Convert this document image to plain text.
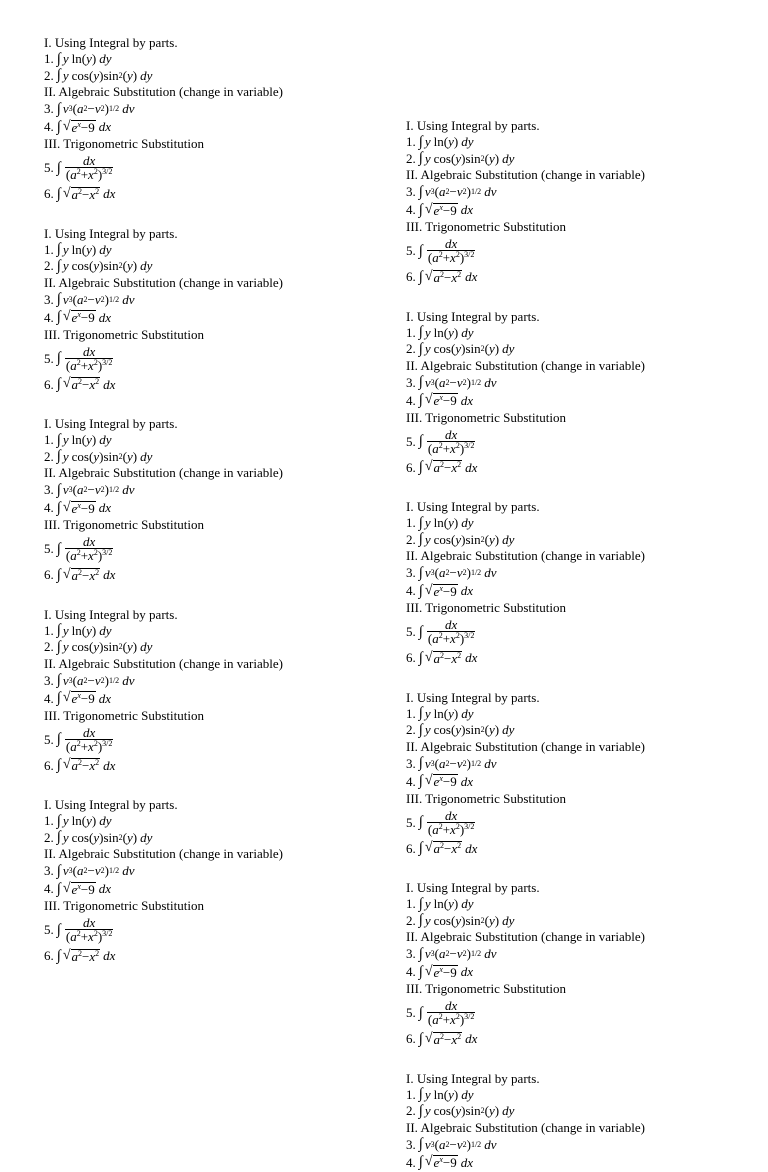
I. Using Integral by parts.
1. ∫ y ln ( y ) dy
2. ∫ y cos ( y ) sin 2 ( y ) dy
II. Algebraic Substitution (change in variable)
3. ∫ v 3 ( a 2 − v 2 ) 1/2 dv
4. ∫ √ $e^x-9$ dx
III. Trigonometric Substitution
5. ∫ $\frac{dx}{(a^2+x^2)^{3/2}}$
6. ∫ √ $a^2-x^2$ dx
I. Using Integral by parts.
1. ∫ y ln ( y ) dy
2. ∫ y cos ( y ) sin 2 ( y ) dy
II. Algebraic Substitution (change in variable)
3. ∫ v 3 ( a 2 − v 2 ) 1/2 dv
4. ∫ √ $e^x-9$ dx
III. Trigonometric Substitution
5. ∫ $\frac{dx}{(a^2+x^2)^{3/2}}$
6. ∫ √ $a^2-x^2$ dx
I. Using Integral by parts.
1. ∫ y ln ( y ) dy
2. ∫ y cos ( y ) sin 2 ( y ) dy
II. Algebraic Substitution (change in variable)
3. ∫ v 3 ( a 2 − v 2 ) 1/2 dv
4. ∫ √ $e^x-9$ dx
III. Trigonometric Substitution
5. ∫ $\frac{dx}{(a^2+x^2)^{3/2}}$
6. ∫ √ $a^2-x^2$ dx
I. Using Integral by parts.
1. ∫ y ln ( y ) dy
2. ∫ y cos ( y ) sin 2 ( y ) dy
II. Algebraic Substitution (change in variable)
3. ∫ v 3 ( a 2 − v 2 ) 1/2 dv
4. ∫ √ $e^x-9$ dx
III. Trigonometric Substitution
5. ∫ $\frac{dx}{(a^2+x^2)^{3/2}}$
6. ∫ √ $a^2-x^2$ dx
I. Using Integral by parts.
1. ∫ y ln ( y ) dy
2. ∫ y cos ( y ) sin 2 ( y ) dy
II. Algebraic Substitution (change in variable)
3. ∫ v 3 ( a 2 − v 2 ) 1/2 dv
4. ∫ √ $e^x-9$ dx
III. Trigonometric Substitution
5. ∫ $\frac{dx}{(a^2+x^2)^{3/2}}$
6. ∫ √ $a^2-x^2$ dx
I. Using Integral by parts.
1. ∫ y ln ( y ) dy
2. ∫ y cos ( y ) sin 2 ( y ) dy
II. Algebraic Substitution (change in variable)
3. ∫ v 3 ( a 2 − v 2 ) 1/2 dv
4. ∫ √ $e^x-9$ dx
III. Trigonometric Substitution
5. ∫ $\frac{dx}{(a^2+x^2)^{3/2}}$
6. ∫ √ $a^2-x^2$ dx
I. Using Integral by parts.
1. ∫ y ln ( y ) dy
2. ∫ y cos ( y ) sin 2 ( y ) dy
II. Algebraic Substitution (change in variable)
3. ∫ v 3 ( a 2 − v 2 ) 1/2 dv
4. ∫ √ $e^x-9$ dx
III. Trigonometric Substitution
5. ∫ $\frac{dx}{(a^2+x^2)^{3/2}}$
6. ∫ √ $a^2-x^2$ dx
I. Using Integral by parts.
1. ∫ y ln ( y ) dy
2. ∫ y cos ( y ) sin 2 ( y ) dy
II. Algebraic Substitution (change in variable)
3. ∫ v 3 ( a 2 − v 2 ) 1/2 dv
4. ∫ √ $e^x-9$ dx
III. Trigonometric Substitution
5. ∫ $\frac{dx}{(a^2+x^2)^{3/2}}$
6. ∫ √ $a^2-x^2$ dx
I. Using Integral by parts.
1. ∫ y ln ( y ) dy
2. ∫ y cos ( y ) sin 2 ( y ) dy
II. Algebraic Substitution (change in variable)
3. ∫ v 3 ( a 2 − v 2 ) 1/2 dv
4. ∫ √ $e^x-9$ dx
III. Trigonometric Substitution
5. ∫ $\frac{dx}{(a^2+x^2)^{3/2}}$
6. ∫ √ $a^2-x^2$ dx
I. Using Integral by parts.
1. ∫ y ln ( y ) dy
2. ∫ y cos ( y ) sin 2 ( y ) dy
II. Algebraic Substitution (change in variable)
3. ∫ v 3 ( a 2 − v 2 ) 1/2 dv
4. ∫ √ $e^x-9$ dx
III. Trigonometric Substitution
5. ∫ $\frac{dx}{(a^2+x^2)^{3/2}}$
6. ∫ √ $a^2-x^2$ dx
I. Using Integral by parts.
1. ∫ y ln ( y ) dy
2. ∫ y cos ( y ) sin 2 ( y ) dy
II. Algebraic Substitution (change in variable)
3. ∫ v 3 ( a 2 − v 2 ) 1/2 dv
4. ∫ √ $e^x-9$ dx
